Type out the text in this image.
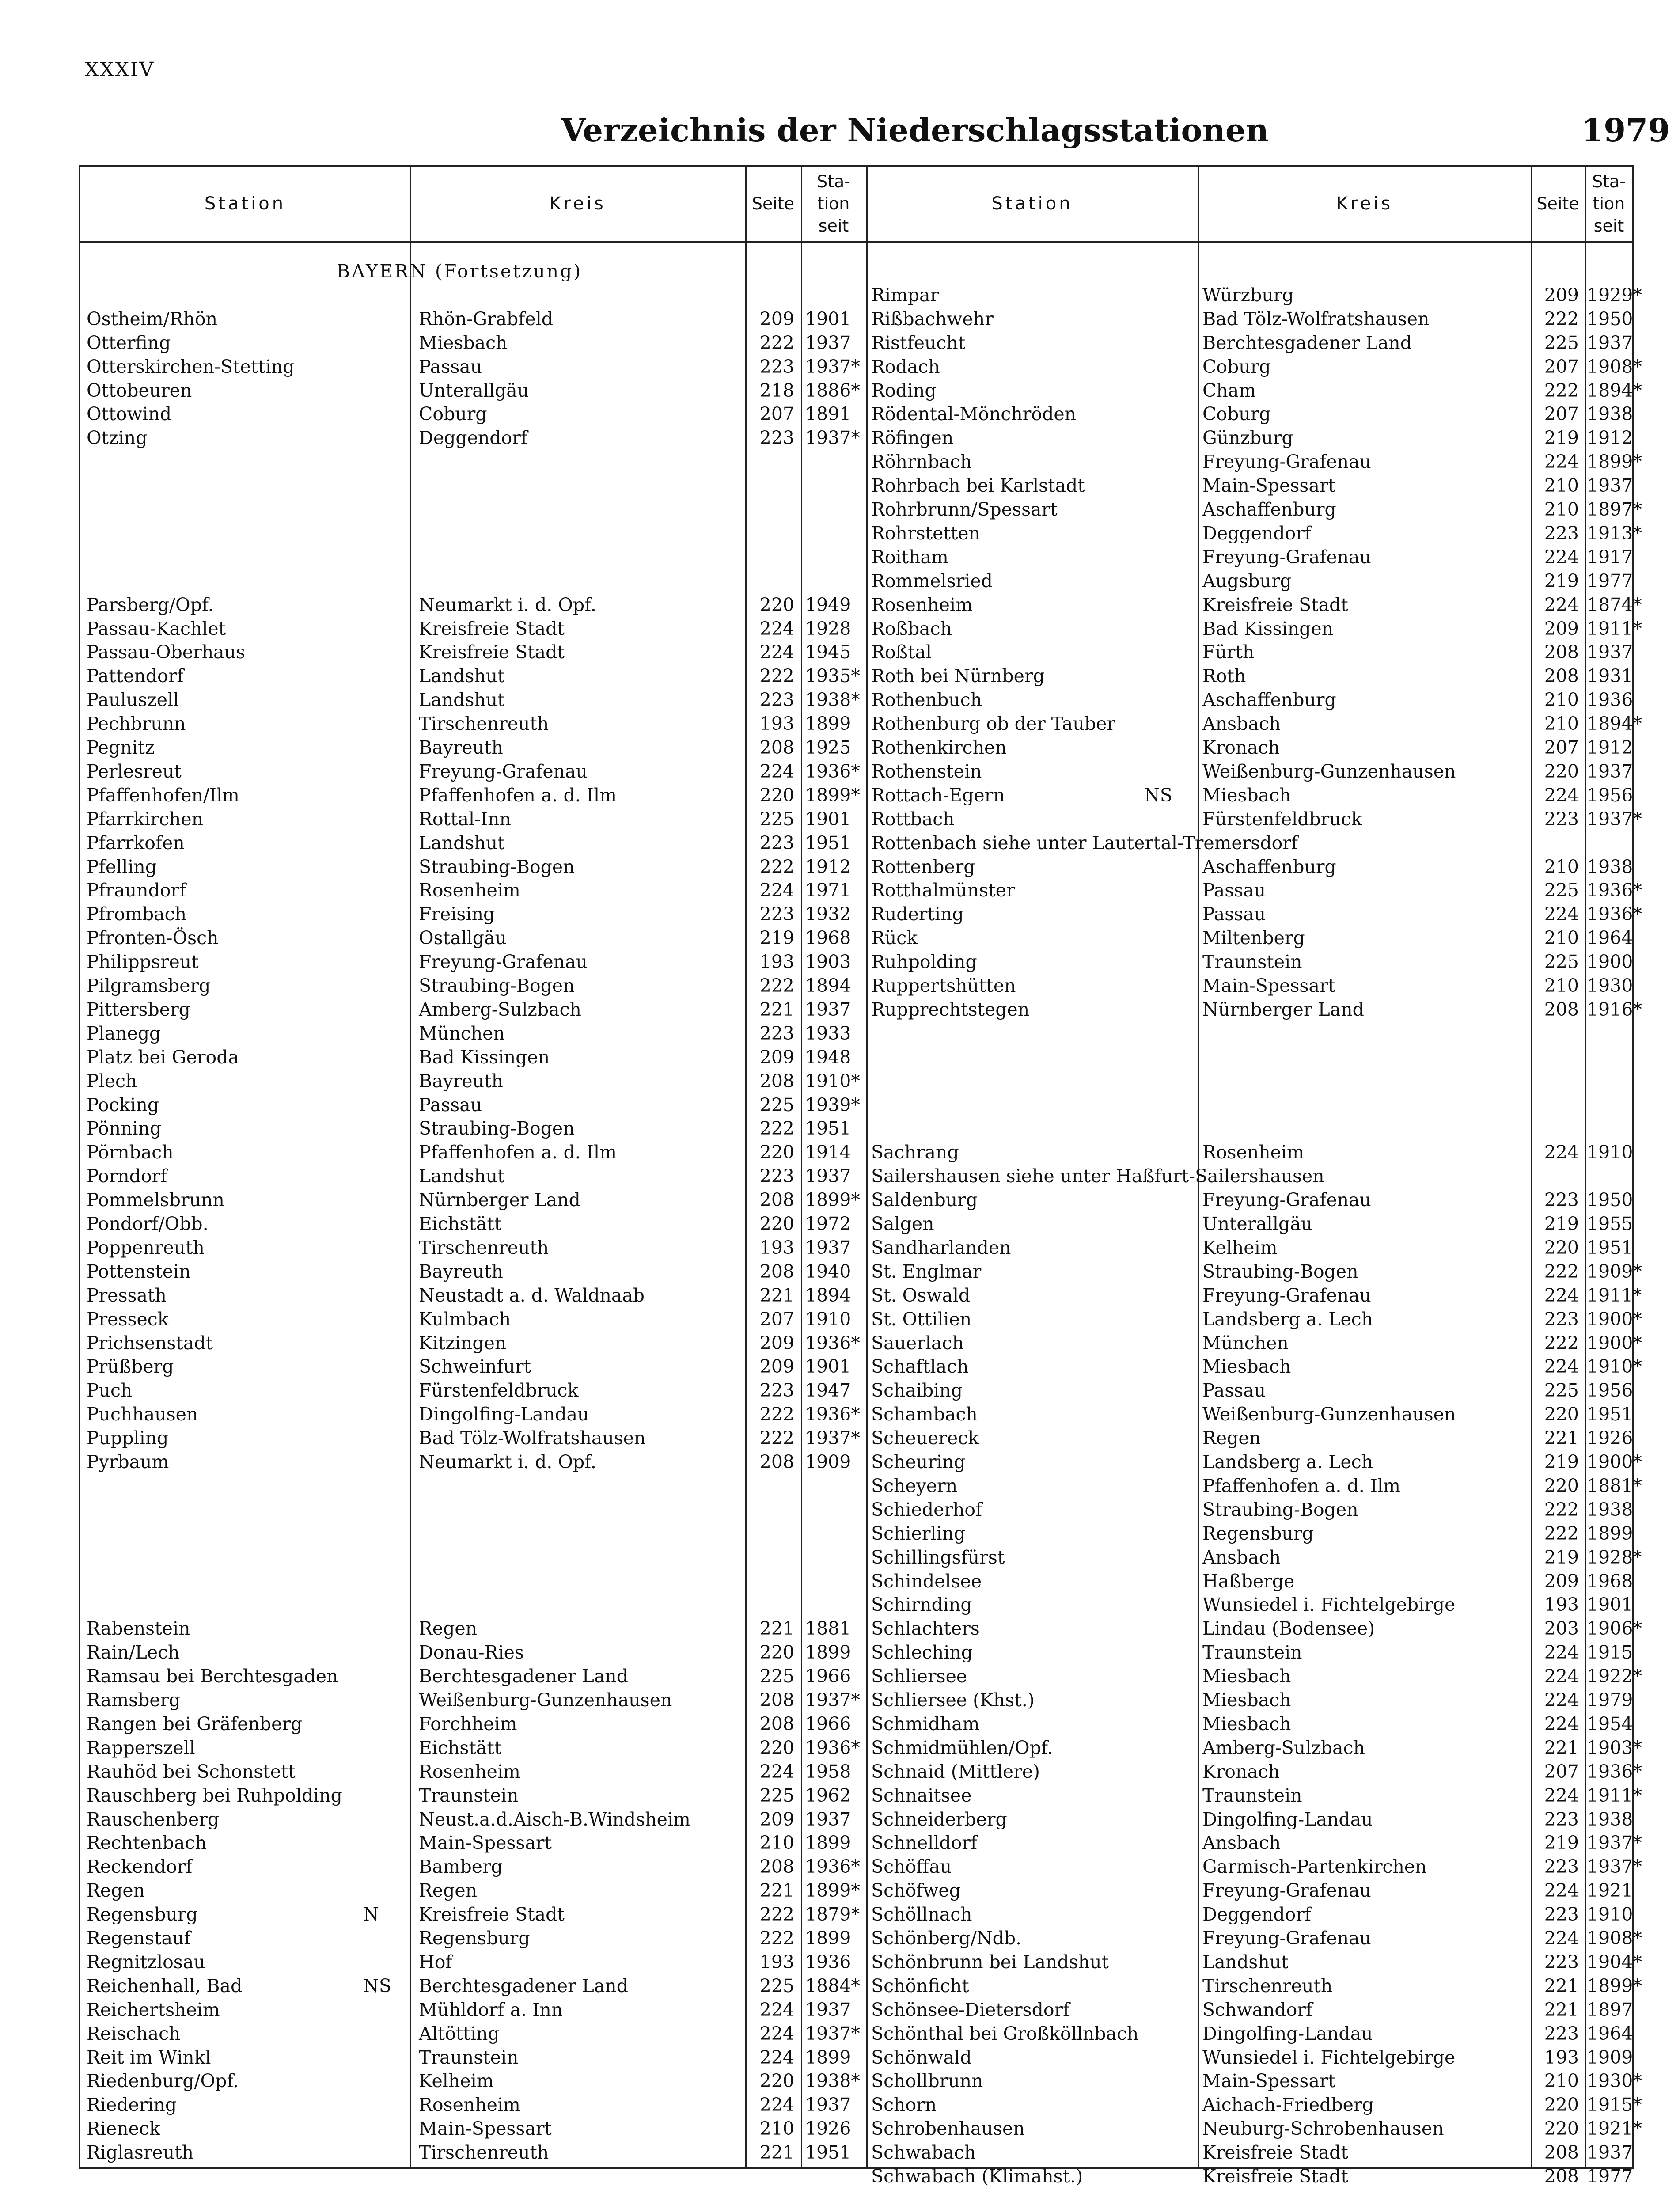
XXXIV
Verzeichnis der Niederschlagsstationen	1979
Station	Kreis	Seite
Sta-
tion
seit
Station	Kreis	Seite
Sta-
tion
seit
BAYERN (Fortsetzung)
Ostheim/Rhön	Rhön-Grabfeld	209 1901
Otterfing	Miesbach	222 1937
Otterskirchen-Stetting	Passau	223 1937*
Ottobeuren	Unterallgäu	218 1886*
Ottowind	Coburg	207 1891
Otzing	Deggendorf	223 1937*
Parsberg/Opf.	Neumarkt i. d. Opf.	220 1949
Passau-Kachlet	Kreisfreie Stadt	224 1928
Passau-Oberhaus	Kreisfreie Stadt	224 1945
Pattendorf	Landshut	222 1935*
Pauluszell	Landshut	223 1938*
Pechbrunn	Tirschenreuth	193 1899
Pegnitz	Bayreuth	208 1925
Perlesreut	Freyung-Grafenau	224 1936*
Pfaffenhofen/Ilm	Pfaffenhofen a. d. Ilm	220 1899*
Pfarrkirchen	Rottal-Inn	225 1901
Pfarrkofen	Landshut	223 1951
Pfelling	Straubing-Bogen	222 1912
Pfraundorf	Rosenheim	224 1971
Pfrombach	Freising	223 1932
Pfronten-Ösch	Ostallgäu	219 1968
Philippsreut	Freyung-Grafenau	193 1903
Pilgramsberg	Straubing-Bogen	222 1894
Pittersberg	Amberg-Sulzbach	221 1937
Planegg	München	223 1933
Platz bei Geroda	Bad Kissingen	209 1948
Plech	Bayreuth	208 1910*
Pocking	Passau	225 1939*
Pönning	Straubing-Bogen	222 1951
Pörnbach	Pfaffenhofen a. d. Ilm	220 1914
Porndorf	Landshut	223 1937
Pommelsbrunn	Nürnberger Land	208 1899*
Pondorf/Obb.	Eichstätt	220 1972
Poppenreuth	Tirschenreuth	193 1937
Pottenstein	Bayreuth	208 1940
Pressath	Neustadt a. d. Waldnaab	221 1894
Presseck	Kulmbach	207 1910
Prichsenstadt	Kitzingen	209 1936*
Prüßberg	Schweinfurt	209 1901
Puch	Fürstenfeldbruck	223 1947
Puchhausen	Dingolfing-Landau	222 1936*
Puppling	Bad Tölz-Wolfratshausen	222 1937*
Pyrbaum	Neumarkt i. d. Opf.	208 1909
Rabenstein	Regen	221 1881
Rain/Lech	Donau-Ries	220 1899
Ramsau bei Berchtesgaden	Berchtesgadener Land	225 1966
Ramsberg	Weißenburg-Gunzenhausen	208 1937*
Rangen bei Gräfenberg	Forchheim	208 1966
Rapperszell	Eichstätt	220 1936*
Rauhöd bei Schonstett	Rosenheim	224 1958
Rauschberg bei Ruhpolding	Traunstein	225 1962
Rauschenberg	Neust.a.d.Aisch-B.Windsheim	209 1937
Rechtenbach	Main-Spessart	210 1899
Reckendorf	Bamberg	208 1936*
Regen	Regen	221 1899*
Regensburg	N Kreisfreie Stadt	222 1879*
Regenstauf	Regensburg	222 1899
Regnitzlosau	Hof	193 1936
Reichenhall, Bad	NS Berchtesgadener Land	225 1884*
Reichertsheim	Mühldorf a. Inn	224 1937
Reischach	Altötting	224 1937*
Reit im Winkl	Traunstein	224 1899
Riedenburg/Opf.	Kelheim	220 1938*
Riedering	Rosenheim	224 1937
Rieneck	Main-Spessart	210 1926
Riglasreuth	Tirschenreuth	221 1951
Rimpar	Würzburg	209 1929*
Rißbachwehr	Bad Tölz-Wolfratshausen	222 1950
Ristfeucht	Berchtesgadener Land	225 1937
Rodach	Coburg	207 1908*
Roding	Cham	222 1894*
Rödental-Mönchröden	Coburg	207 1938
Röfingen	Günzburg	219 1912
Röhrnbach	Freyung-Grafenau	224 1899*
Rohrbach bei Karlstadt	Main-Spessart	210 1937
Rohrbrunn/Spessart	Aschaffenburg	210 1897*
Rohrstetten	Deggendorf	223 1913*
Roitham	Freyung-Grafenau	224 1917
Rommelsried	Augsburg	219 1977
Rosenheim	Kreisfreie Stadt	224 1874*
Roßbach	Bad Kissingen	209 1911*
Roßtal	Fürth	208 1937
Roth bei Nürnberg	Roth	208 1931
Rothenbuch	Aschaffenburg	210 1936
Rothenburg ob der Tauber	Ansbach	210 1894*
Rothenkirchen	Kronach	207 1912
Rothenstein	Weißenburg-Gunzenhausen	220 1937
Rottach-Egern	NS Miesbach	224 1956
Rottbach	Fürstenfeldbruck	223 1937*
Rottenbach siehe unter Lautertal-Tremersdorf
Rottenberg	Aschaffenburg	210 1938
Rotthalmünster	Passau	225 1936*
Ruderting	Passau	224 1936*
Rück	Miltenberg	210 1964
Ruhpolding	Traunstein	225 1900
Ruppertshütten	Main-Spessart	210 1930
Rupprechtstegen	Nürnberger Land	208 1916*
Sachrang	Rosenheim	224 1910
Sailershausen siehe unter Haßfurt-Sailershausen
Saldenburg	Freyung-Grafenau	223 1950
Salgen	Unterallgäu	219 1955
Sandharlanden	Kelheim	220 1951
St. Englmar	Straubing-Bogen	222 1909*
St. Oswald	Freyung-Grafenau	224 1911*
St. Ottilien	Landsberg a. Lech	223 1900*
Sauerlach	München	222 1900*
Schaftlach	Miesbach	224 1910*
Schaibing	Passau	225 1956
Schambach	Weißenburg-Gunzenhausen	220 1951
Scheuereck	Regen	221 1926
Scheuring	Landsberg a. Lech	219 1900*
Scheyern	Pfaffenhofen a. d. Ilm	220 1881*
Schiederhof	Straubing-Bogen	222 1938
Schierling	Regensburg	222 1899
Schillingsfürst	Ansbach	219 1928*
Schindelsee	Haßberge	209 1968
Schirnding	Wunsiedel i. Fichtelgebirge	193 1901
Schlachters	Lindau (Bodensee)	203 1906*
Schleching	Traunstein	224 1915
Schliersee	Miesbach	224 1922*
Schliersee (Khst.)	Miesbach	224 1979
Schmidham	Miesbach	224 1954
Schmidmühlen/Opf.	Amberg-Sulzbach	221 1903*
Schnaid (Mittlere)	Kronach	207 1936*
Schnaitsee	Traunstein	224 1911*
Schneiderberg	Dingolfing-Landau	223 1938
Schnelldorf	Ansbach	219 1937*
Schöffau	Garmisch-Partenkirchen	223 1937*
Schöfweg	Freyung-Grafenau	224 1921
Schöllnach	Deggendorf	223 1910
Schönberg/Ndb.	Freyung-Grafenau	224 1908*
Schönbrunn bei Landshut	Landshut	223 1904*
Schönficht	Tirschenreuth	221 1899*
Schönsee-Dietersdorf	Schwandorf	221 1897
Schönthal bei Großköllnbach	Dingolfing-Landau	223 1964
Schönwald	Wunsiedel i. Fichtelgebirge	193 1909
Schollbrunn	Main-Spessart	210 1930*
Schorn	Aichach-Friedberg	220 1915*
Schrobenhausen	Neuburg-Schrobenhausen	220 1921*
Schwabach	Kreisfreie Stadt	208 1937
Schwabach (Klimahst.)	Kreisfreie Stadt	208 1977
